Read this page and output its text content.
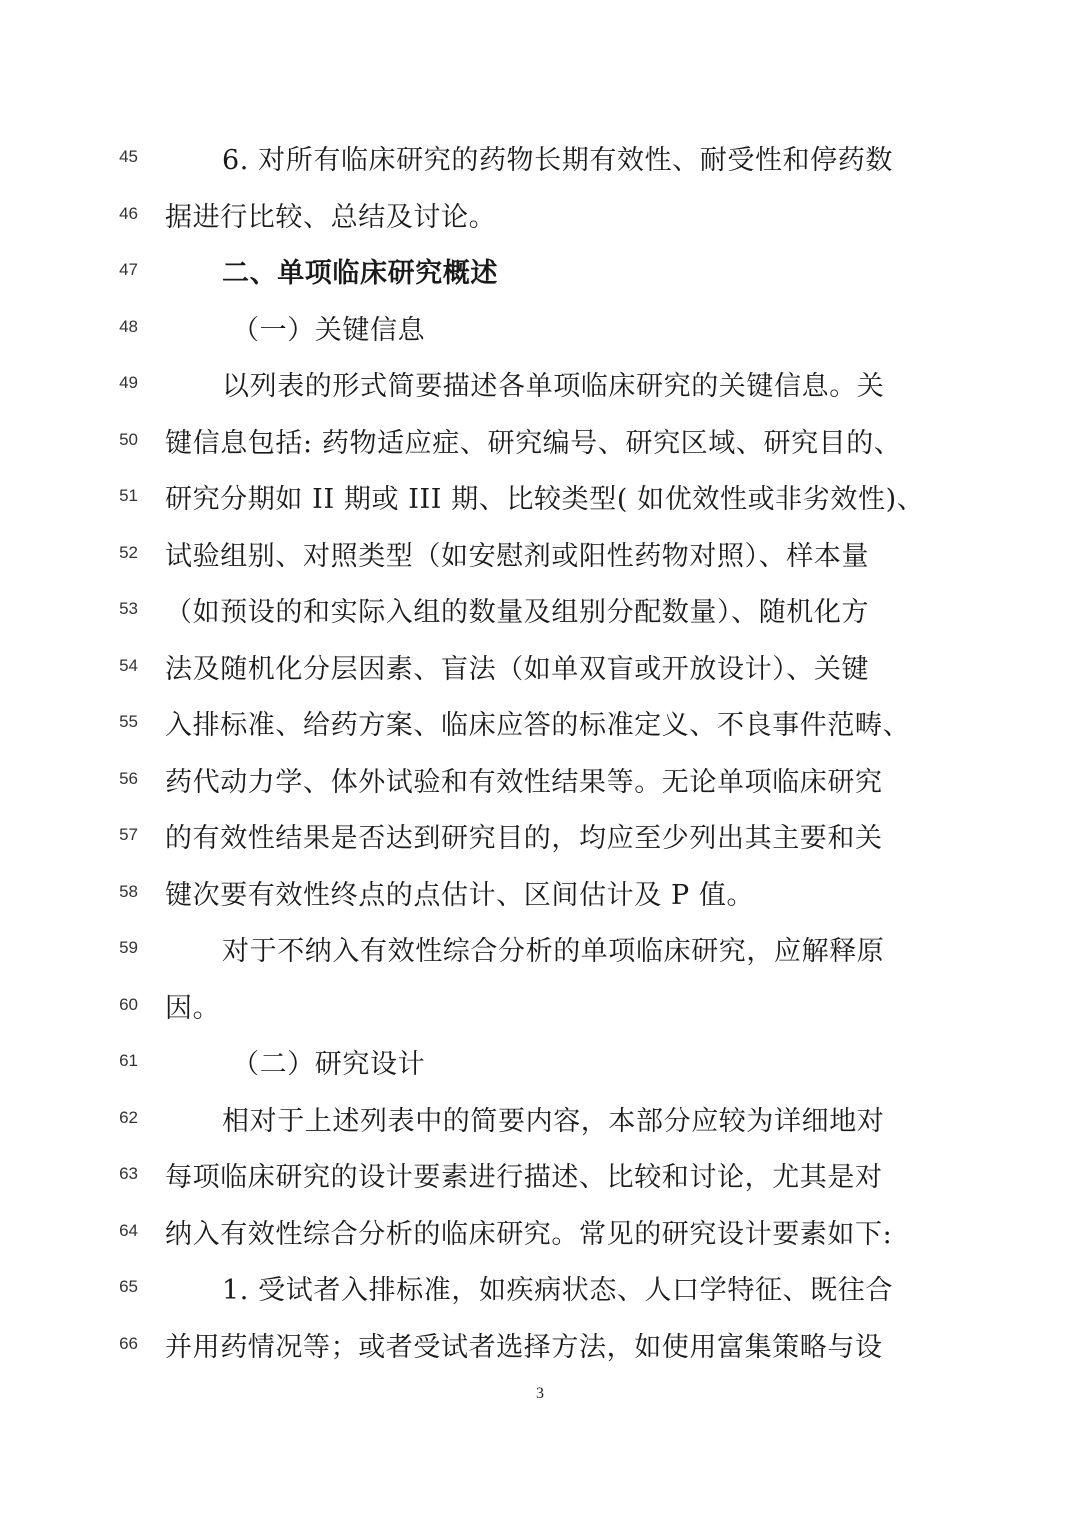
45	6. 对所有临床研究的药物长期有效性、耐受性和停药数
46 据进行比较、总结及讨论。
47	二、单项临床研究概述
48	（一）关键信息
49	以列表的形式简要描述各单项临床研究的关键信息。关
50 键信息包括: 药物适应症、研究编号、研究区域、研究目的、
51 研究分期如 II 期或 III 期、比较类型( 如优效性或非劣效性)、
52 试验组别、对照类型（如安慰剂或阳性药物对照）、样本量
53 （如预设的和实际入组的数量及组别分配数量）、随机化方
54 法及随机化分层因素、盲法（如单双盲或开放设计）、关键
55 入排标准、给药方案、临床应答的标准定义、不良事件范畴、
56 药代动力学、体外试验和有效性结果等。无论单项临床研究
57 的有效性结果是否达到研究目的，均应至少列出其主要和关
58 键次要有效性终点的点估计、区间估计及 P 值。
59	对于不纳入有效性综合分析的单项临床研究，应解释原
60 因。
61	（二）研究设计
62	相对于上述列表中的简要内容，本部分应较为详细地对
63 每项临床研究的设计要素进行描述、比较和讨论，尤其是对
64 纳入有效性综合分析的临床研究。常见的研究设计要素如下:
65	1. 受试者入排标准，如疾病状态、人口学特征、既往合
66 并用药情况等；或者受试者选择方法，如使用富集策略与设
3
